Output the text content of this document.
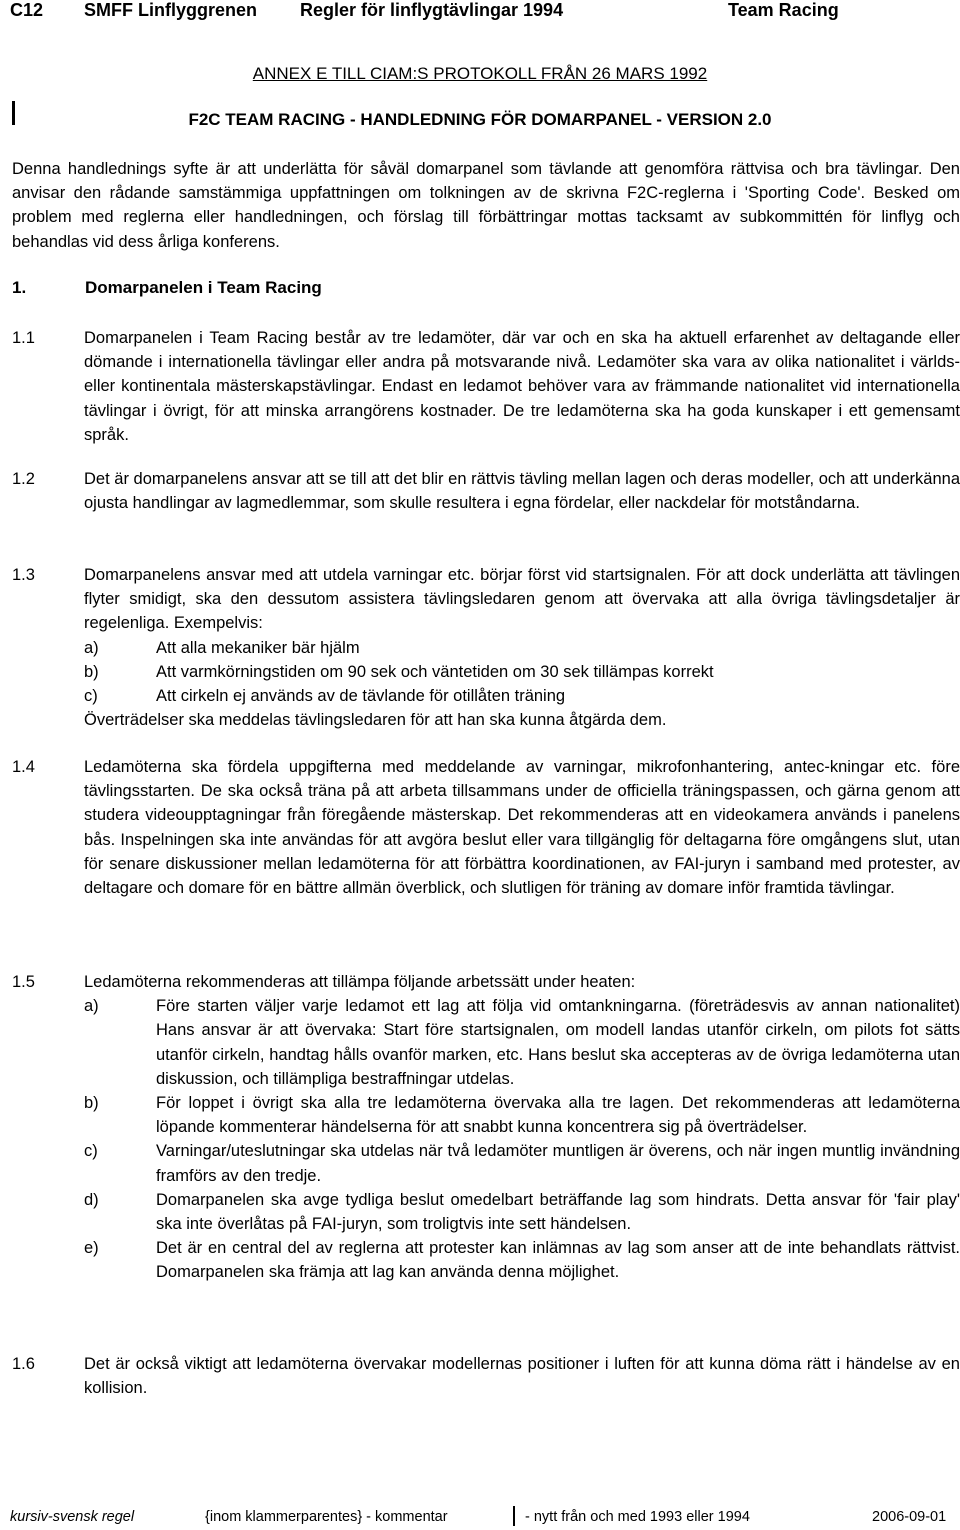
C12 SMFF Linflyggrenen Regler för linflygtävlingar 1994	Team Racing
ANNEX E TILL CIAM:S PROTOKOLL FRÅN 26 MARS 1992
F2C TEAM RACING - HANDLEDNING FÖR DOMARPANEL - VERSION 2.0
Denna handlednings syfte är att underlätta för såväl domarpanel som tävlande att genomföra rättvisa och bra tävlingar. Den anvisar den rådande samstämmiga uppfattningen om tolkningen av de skrivna F2C-reglerna i 'Sporting Code'. Besked om problem med reglerna eller handledningen, och förslag till förbättringar mottas tacksamt av subkommittén för linflyg och behandlas vid dess årliga konferens.
1.	Domarpanelen i Team Racing
1.1	Domarpanelen i Team Racing består av tre ledamöter, där var och en ska ha aktuell erfarenhet av deltagande eller dömande i internationella tävlingar eller andra på motsvarande nivå. Ledamöter ska vara av olika nationalitet i världs- eller kontinentala mästerskapstävlingar. Endast en ledamot behöver vara av främmande nationalitet vid internationella tävlingar i övrigt, för att minska arrangörens kostnader. De tre ledamöterna ska ha goda kunskaper i ett gemensamt språk.
1.2	Det är domarpanelens ansvar att se till att det blir en rättvis tävling mellan lagen och deras modeller, och att underkänna ojusta handlingar av lagmedlemmar, som skulle resultera i egna fördelar, eller nackdelar för motståndarna.
1.3	Domarpanelens ansvar med att utdela varningar etc. börjar först vid startsignalen. För att dock underlätta att tävlingen flyter smidigt, ska den dessutom assistera tävlingsledaren genom att övervaka att alla övriga tävlingsdetaljer är regelenliga. Exempelvis:
a)	Att alla mekaniker bär hjälm
b)	Att varmkörningstiden om 90 sek och väntetiden om 30 sek tillämpas korrekt
c)	Att cirkeln ej används av de tävlande för otillåten träning
Överträdelser ska meddelas tävlingsledaren för att han ska kunna åtgärda dem.
1.4	Ledamöterna ska fördela uppgifterna med meddelande av varningar, mikrofonhantering, antec-kningar etc. före tävlingsstarten. De ska också träna på att arbeta tillsammans under de officiella träningspassen, och gärna genom att studera videoupptagningar från föregående mästerskap. Det rekommenderas att en videokamera används i panelens bås. Inspelningen ska inte användas för att avgöra beslut eller vara tillgänglig för deltagarna före omgångens slut, utan för senare diskussioner mellan ledamöterna för att förbättra koordinationen, av FAI-juryn i samband med protester, av deltagare och domare för en bättre allmän överblick, och slutligen för träning av domare inför framtida tävlingar.
1.5	Ledamöterna rekommenderas att tillämpa följande arbetssätt under heaten:
a)	Före starten väljer varje ledamot ett lag att följa vid omtankningarna. (företrädesvis av annan nationalitet) Hans ansvar är att övervaka: Start före startsignalen, om modell landas utanför cirkeln, om pilots fot sätts utanför cirkeln, handtag hålls ovanför marken, etc. Hans beslut ska accepteras av de övriga ledamöterna utan diskussion, och tillämpliga bestraffningar utdelas.
b)	För loppet i övrigt ska alla tre ledamöterna övervaka alla tre lagen. Det rekommenderas att ledamöterna löpande kommenterar händelserna för att snabbt kunna koncentrera sig på överträdelser.
c)	Varningar/uteslutningar ska utdelas när två ledamöter muntligen är överens, och när ingen muntlig invändning framförs av den tredje.
d)	Domarpanelen ska avge tydliga beslut omedelbart beträffande lag som hindrats. Detta ansvar för 'fair play' ska inte överlåtas på FAI-juryn, som troligtvis inte sett händelsen.
e)	Det är en central del av reglerna att protester kan inlämnas av lag som anser att de inte behandlats rättvist. Domarpanelen ska främja att lag kan använda denna möjlighet.
1.6	Det är också viktigt att ledamöterna övervakar modellernas positioner i luften för att kunna döma rätt i händelse av en kollision.
kursiv-svensk regel	{inom klammerparentes} - kommentar	- nytt från och med 1993 eller 1994	2006-09-01
